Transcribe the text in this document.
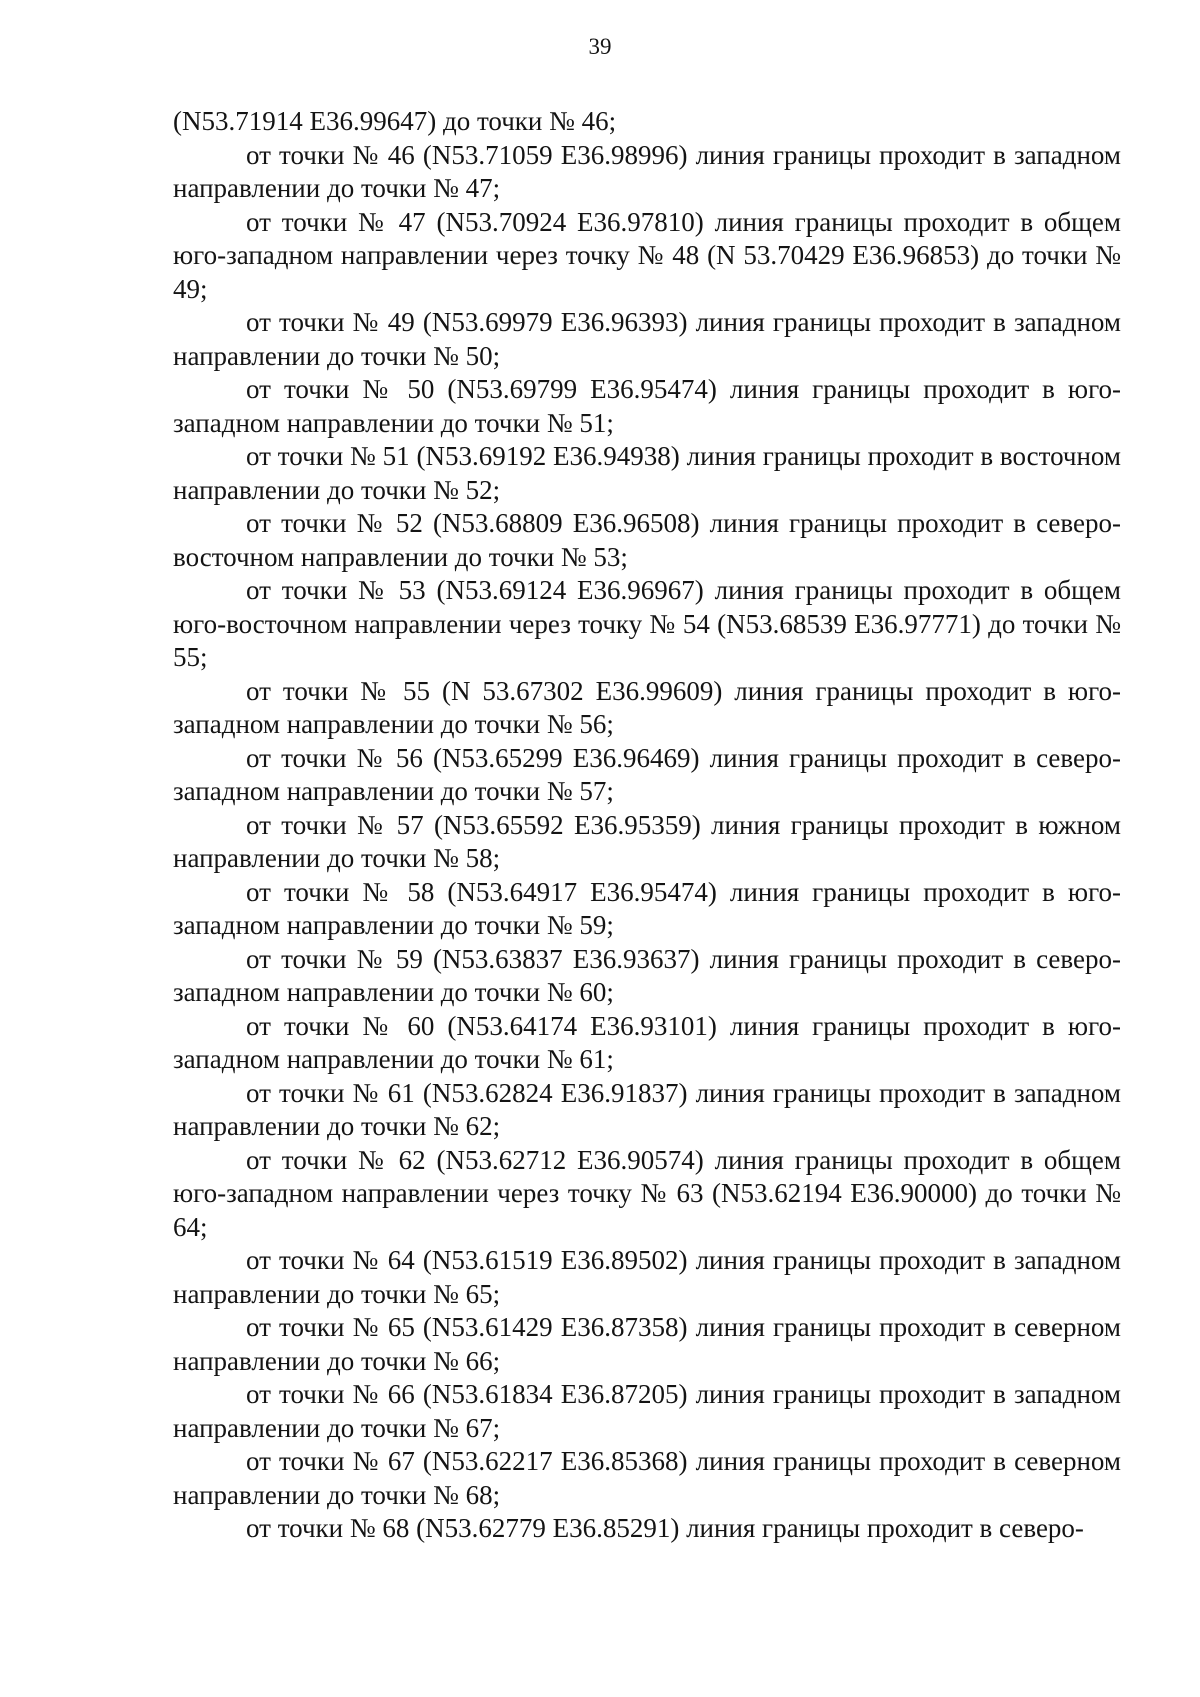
39

(N53.71914 E36.99647) до точки № 46;

от точки № 46 (N53.71059 E36.98996) линия границы проходит в западном направлении до точки № 47;

от точки № 47 (N53.70924 E36.97810) линия границы проходит в общем юго-западном направлении через точку № 48 (N 53.70429 E36.96853) до точки № 49;

от точки № 49 (N53.69979 E36.96393) линия границы проходит в западном направлении до точки № 50;

от точки № 50 (N53.69799 E36.95474) линия границы проходит в юго-западном направлении до точки № 51;

от точки № 51 (N53.69192 E36.94938) линия границы проходит в восточном направлении до точки № 52;

от точки № 52 (N53.68809 E36.96508) линия границы проходит в северо-восточном направлении до точки № 53;

от точки № 53 (N53.69124 E36.96967) линия границы проходит в общем юго-восточном направлении через точку № 54 (N53.68539 E36.97771) до точки № 55;

от точки № 55 (N 53.67302 E36.99609) линия границы проходит в юго-западном направлении до точки № 56;

от точки № 56 (N53.65299 E36.96469) линия границы проходит в северо-западном направлении до точки № 57;

от точки № 57 (N53.65592 E36.95359) линия границы проходит в южном направлении до точки № 58;

от точки № 58 (N53.64917 E36.95474) линия границы проходит в юго-западном направлении до точки № 59;

от точки № 59 (N53.63837 E36.93637) линия границы проходит в северо-западном направлении до точки № 60;

от точки № 60 (N53.64174 E36.93101) линия границы проходит в юго-западном направлении до точки № 61;

от точки № 61 (N53.62824 E36.91837) линия границы проходит в западном направлении до точки № 62;

от точки № 62 (N53.62712 E36.90574) линия границы проходит в общем юго-западном направлении через точку № 63 (N53.62194 E36.90000) до точки № 64;

от точки № 64 (N53.61519 E36.89502) линия границы проходит в западном направлении до точки № 65;

от точки № 65 (N53.61429 E36.87358) линия границы проходит в северном направлении до точки № 66;

от точки № 66 (N53.61834 E36.87205) линия границы проходит в западном направлении до точки № 67;

от точки № 67 (N53.62217 E36.85368) линия границы проходит в северном направлении до точки № 68;

от точки № 68 (N53.62779 E36.85291) линия границы проходит в северо-
